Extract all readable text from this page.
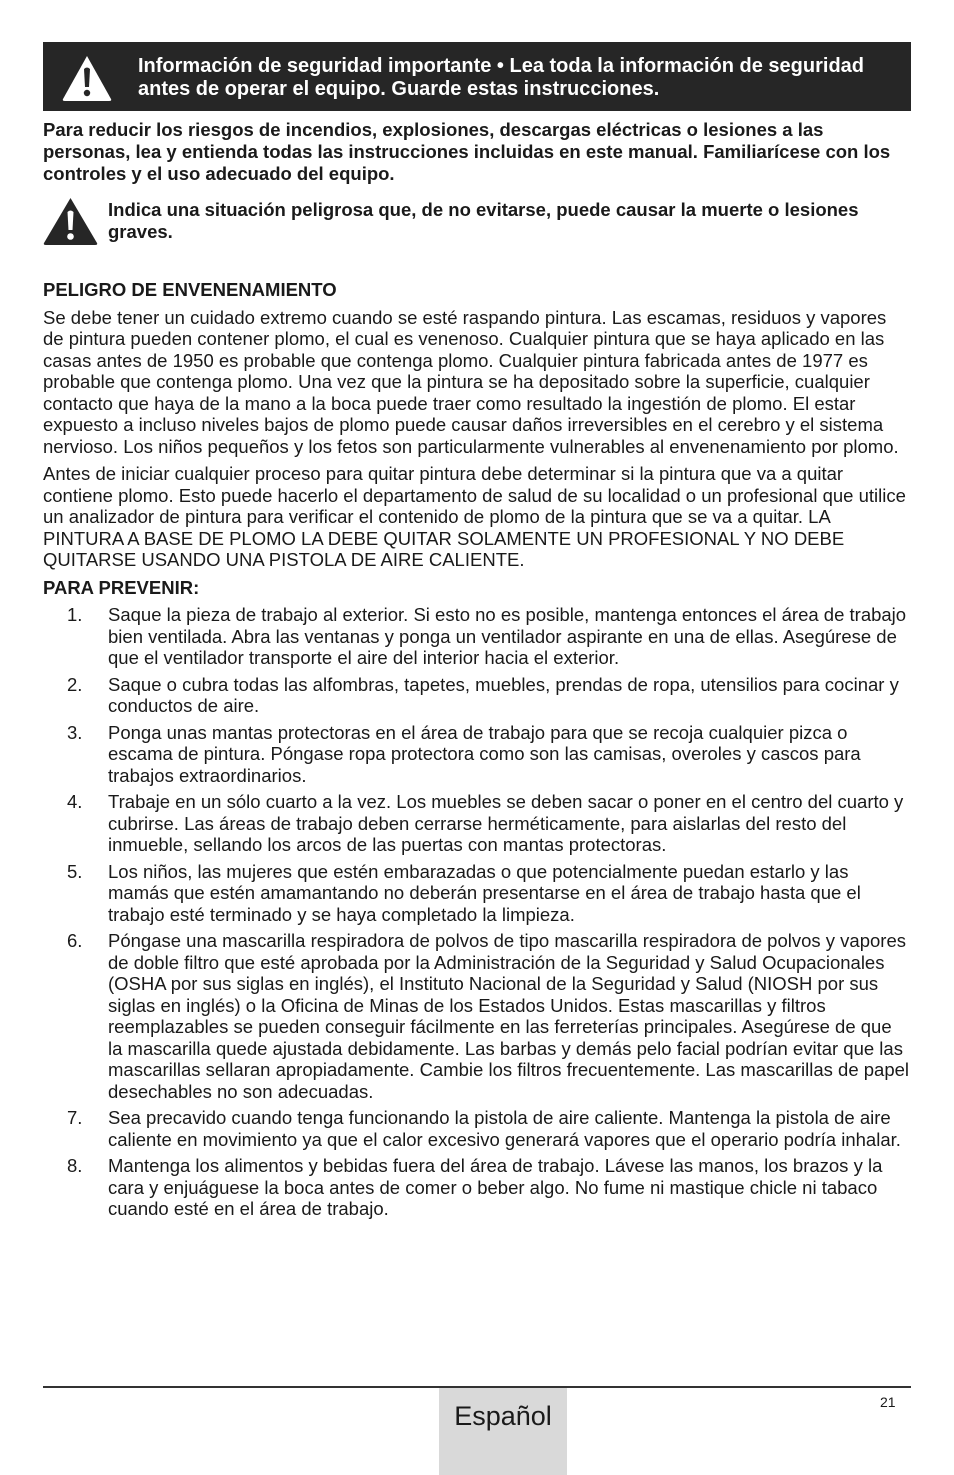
Información de seguridad importante • Lea toda la información de seguridad antes de operar el equipo. Guarde estas instrucciones.
Para reducir los riesgos de incendios, explosiones, descargas eléctricas o lesiones a las personas, lea y entienda todas las instrucciones incluidas en este manual. Familiarícese con los controles y el uso adecuado del equipo.
Indica una situación peligrosa que, de no evitarse, puede causar la muerte o lesiones graves.
PELIGRO DE ENVENENAMIENTO
Se debe tener un cuidado extremo cuando se esté raspando pintura. Las escamas, residuos y vapores de pintura pueden contener plomo, el cual es venenoso. Cualquier pintura que se haya aplicado en las casas antes de 1950 es probable que contenga plomo. Cualquier pintura fabricada antes de 1977 es probable que contenga plomo. Una vez que la pintura se ha depositado sobre la superficie, cualquier contacto que haya de la mano a la boca puede traer como resultado la ingestión de plomo. El estar expuesto a incluso niveles bajos de plomo puede causar daños irreversibles en el cerebro y el sistema nervioso. Los niños pequeños y los fetos son particularmente vulnerables al envenenamiento por plomo.
Antes de iniciar cualquier proceso para quitar pintura debe determinar si la pintura que va a quitar contiene plomo. Esto puede hacerlo el departamento de salud de su localidad o un profesional que utilice un analizador de pintura para verificar el contenido de plomo de la pintura que se va a quitar. LA PINTURA A BASE DE PLOMO LA DEBE QUITAR SOLAMENTE UN PROFESIONAL Y NO DEBE QUITARSE USANDO UNA PISTOLA DE AIRE CALIENTE.
PARA PREVENIR:
1. Saque la pieza de trabajo al exterior. Si esto no es posible, mantenga entonces el área de trabajo bien ventilada. Abra las ventanas y ponga un ventilador aspirante en una de ellas. Asegúrese de que el ventilador transporte el aire del interior hacia el exterior.
2. Saque o cubra todas las alfombras, tapetes, muebles, prendas de ropa, utensilios para cocinar y conductos de aire.
3. Ponga unas mantas protectoras en el área de trabajo para que se recoja cualquier pizca o escama de pintura. Póngase ropa protectora como son las camisas, overoles y cascos para trabajos extraordinarios.
4. Trabaje en un sólo cuarto a la vez. Los muebles se deben sacar o poner en el centro del cuarto y cubrirse. Las áreas de trabajo deben cerrarse herméticamente, para aislarlas del resto del inmueble, sellando los arcos de las puertas con mantas protectoras.
5. Los niños, las mujeres que estén embarazadas o que potencialmente puedan estarlo y las mamás que estén amamantando no deberán presentarse en el área de trabajo hasta que el trabajo esté terminado y se haya completado la limpieza.
6. Póngase una mascarilla respiradora de polvos de tipo mascarilla respiradora de polvos y vapores de doble filtro que esté aprobada por la Administración de la Seguridad y Salud Ocupacionales (OSHA por sus siglas en inglés), el Instituto Nacional de la Seguridad y Salud (NIOSH por sus siglas en inglés) o la Oficina de Minas de los Estados Unidos. Estas mascarillas y filtros reemplazables se pueden conseguir fácilmente en las ferreterías principales. Asegúrese de que la mascarilla quede ajustada debidamente. Las barbas y demás pelo facial podrían evitar que las mascarillas sellaran apropiadamente. Cambie los filtros frecuentemente. Las mascarillas de papel desechables no son adecuadas.
7. Sea precavido cuando tenga funcionando la pistola de aire caliente. Mantenga la pistola de aire caliente en movimiento ya que el calor excesivo generará vapores que el operario podría inhalar.
8. Mantenga los alimentos y bebidas fuera del área de trabajo. Lávese las manos, los brazos y la cara y enjuáguese la boca antes de comer o beber algo. No fume ni mastique chicle ni tabaco cuando esté en el área de trabajo.
Español	21
